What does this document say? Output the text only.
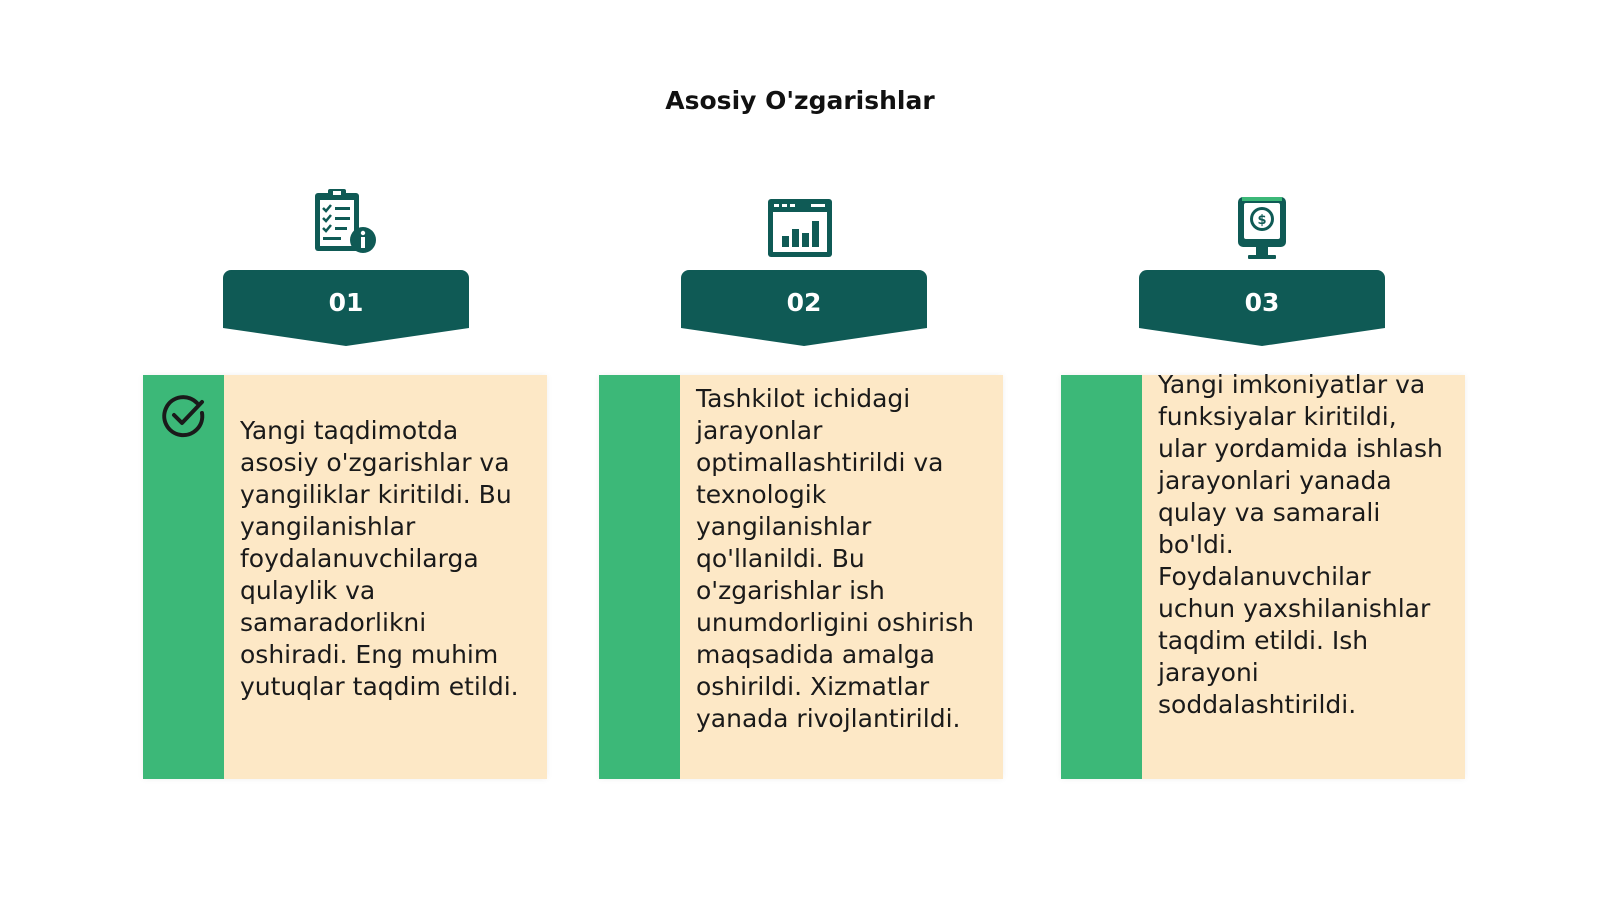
Asosiy O'zgarishlar
01
Yangi taqdimotda asosiy o'zgarishlar va yangiliklar kiritildi. Bu yangilanishlar foydalanuvchilarga qulaylik va samaradorlikni oshiradi. Eng muhim yutuqlar taqdim etildi.
02
Tashkilot ichidagi jarayonlar optimallashtirildi va texnologik yangilanishlar qo'llanildi. Bu o'zgarishlar ish unumdorligini oshirish maqsadida amalga oshirildi. Xizmatlar yanada rivojlantirildi.
$
03
Yangi imkoniyatlar va funksiyalar kiritildi, ular yordamida ishlash jarayonlari yanada qulay va samarali bo'ldi. Foydalanuvchilar uchun yaxshilanishlar taqdim etildi. Ish jarayoni soddalashtirildi.
